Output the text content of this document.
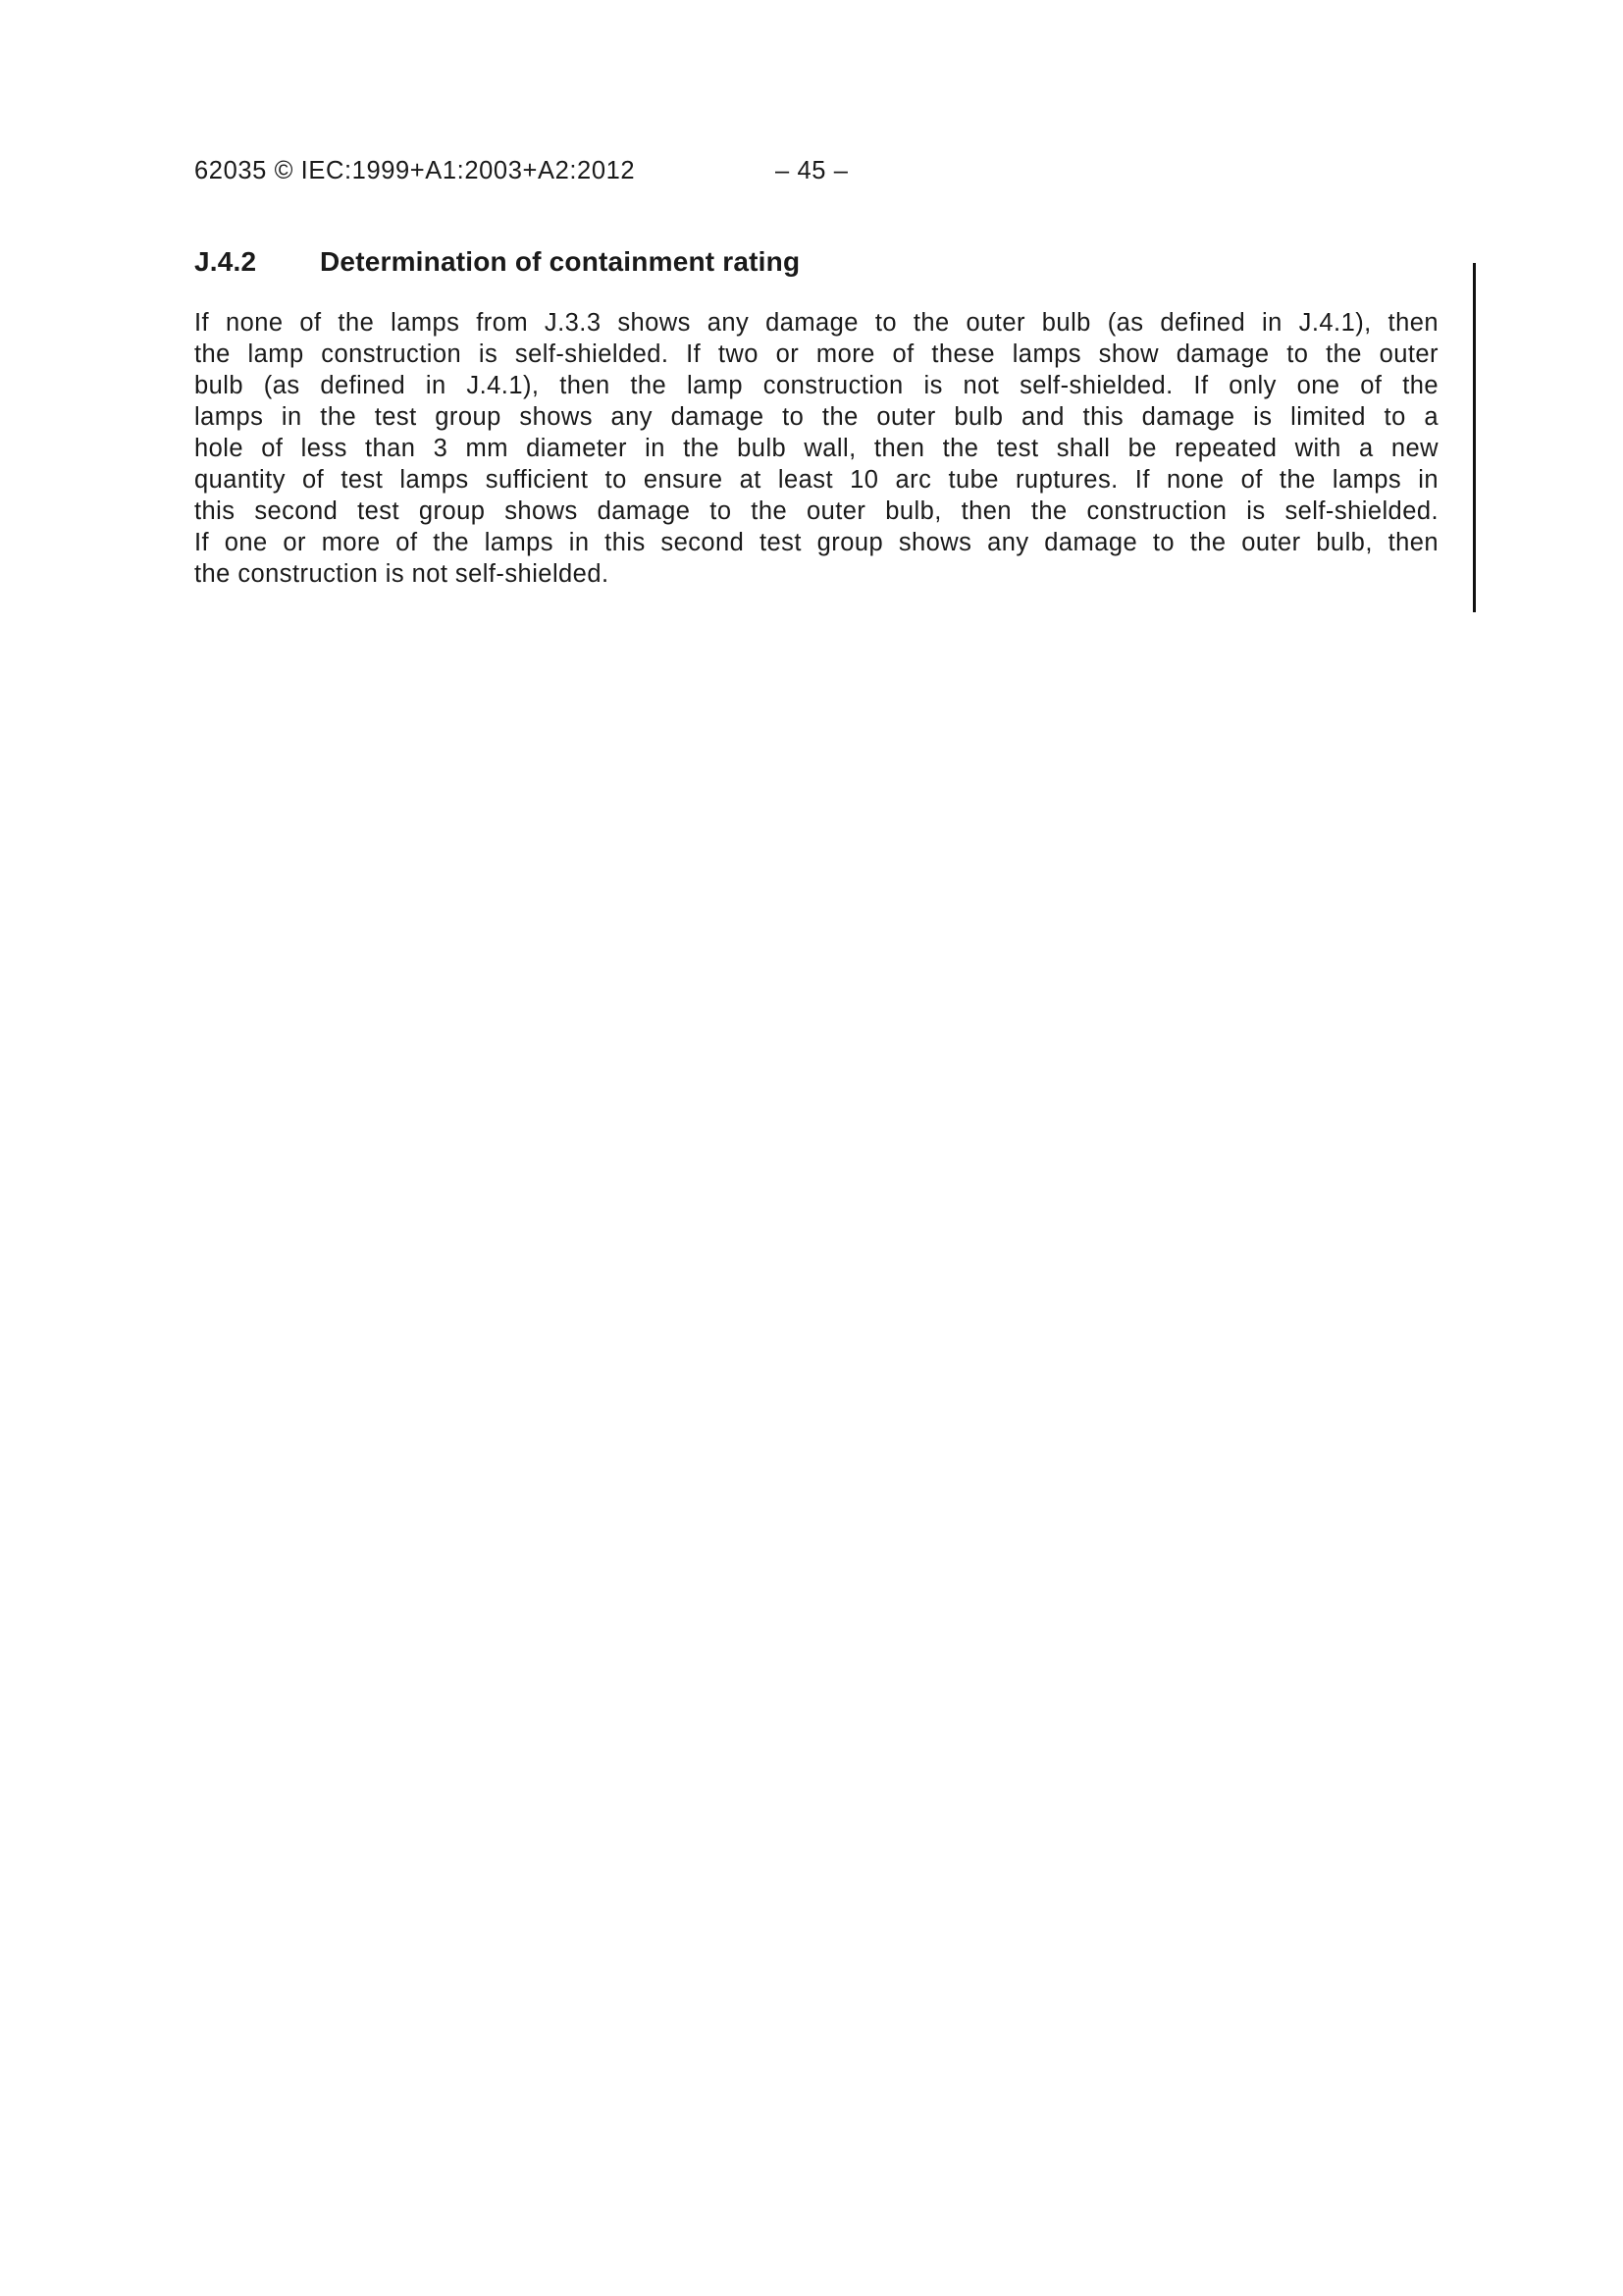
62035 © IEC:1999+A1:2003+A2:2012	– 45 –
J.4.2 Determination of containment rating

If none of the lamps from J.3.3 shows any damage to the outer bulb (as defined in J.4.1), then
the lamp construction is self-shielded. If two or more of these lamps show damage to the outer
bulb (as defined in J.4.1), then the lamp construction is not self-shielded. If only one of the
lamps in the test group shows any damage to the outer bulb and this damage is limited to a
hole of less than 3 mm diameter in the bulb wall, then the test shall be repeated with a new
quantity of test lamps sufficient to ensure at least 10 arc tube ruptures. If none of the lamps in
this second test group shows damage to the outer bulb, then the construction is self-shielded.
If one or more of the lamps in this second test group shows any damage to the outer bulb, then
the construction is not self-shielded.
